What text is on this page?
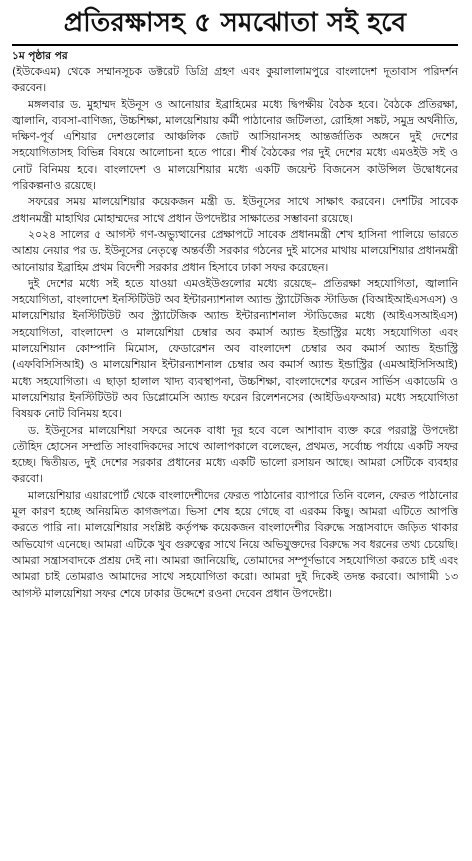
প্রতিরক্ষাসহ ৫ সমঝোতা সই হবে
১ম পৃষ্ঠার পর

(ইউকেএম) থেকে সম্মানসূচক ডক্টরেট ডিগ্রি গ্রহণ এবং কুয়ালালামপুরে বাংলাদেশ দূতাবাস পরিদর্শন করবেন।

মঙ্গলবার ড. মুহাম্মদ ইউনূস ও আনোয়ার ইব্রাহিমের মধ্যে দ্বিপক্ষীয় বৈঠক হবে। বৈঠকে প্রতিরক্ষা, জ্বালানি, ব্যবসা-বাণিজ্য, উচ্চশিক্ষা, মালয়েশিয়ায় কর্মী পাঠানোর জটিলতা, রোহিঙ্গা সঙ্কট, সমুদ্র অর্থনীতি, দক্ষিণ-পূর্ব এশিয়ার দেশগুলোর আঞ্চলিক জোট আসিয়ানসহ আন্তর্জাতিক অঙ্গনে দুই দেশের সহযোগিতাসহ বিভিন্ন বিষয়ে আলোচনা হতে পারে। শীর্ষ বৈঠকের পর দুই দেশের মধ্যে এমওইউ সই ও নোট বিনিময় হবে। বাংলাদেশ ও মালয়েশিয়ার মধ্যে একটি জয়েন্ট বিজনেস কাউন্সিল উদ্বোধনের পরিকল্পনাও রয়েছে।

সফরের সময় মালয়েশিয়ার কয়েকজন মন্ত্রী ড. ইউনূসের সাথে সাক্ষাৎ করবেন। দেশটির সাবেক প্রধানমন্ত্রী মাহাথির মোহাম্মদের সাথে প্রধান উপদেষ্টার সাক্ষাতের সম্ভাবনা রয়েছে।

২০২৪ সালের ৫ আগস্ট গণ-অভ্যুত্থানের প্রেক্ষাপটে সাবেক প্রধানমন্ত্রী শেখ হাসিনা পালিয়ে ভারতে আশ্রয় নেয়ার পর ড. ইউনূসের নেতৃত্বে অন্তর্বর্তী সরকার গঠনের দুই মাসের মাথায় মালয়েশিয়ার প্রধানমন্ত্রী আনোয়ার ইব্রাহিম প্রথম বিদেশী সরকার প্রধান হিসাবে ঢাকা সফর করেছেন।

দুই দেশের মধ্যে সই হতে যাওয়া এমওইউগুলোর মধ্যে রয়েছে– প্রতিরক্ষা সহযোগিতা, জ্বালানি সহযোগিতা, বাংলাদেশ ইনস্টিটিউট অব ইন্টারন্যাশনাল অ্যান্ড স্ট্র্যাটেজিক স্টাডিজ (বিআইআইএসএস) ও মালয়েশিয়ার ইনস্টিটিউট অব স্ট্র্যাটেজিক অ্যান্ড ইন্টারন্যাশনাল স্টাডিজের মধ্যে (আইএসআইএস) সহযোগিতা, বাংলাদেশ ও মালয়েশিয়া চেম্বার অব কমার্স অ্যান্ড ইন্ডাস্ট্রির মধ্যে সহযোগিতা এবং মালয়েশিয়ান কোম্পানি মিমোস, ফেডারেশন অব বাংলাদেশ চেম্বার অব কমার্স অ্যান্ড ইন্ডাস্ট্রি (এফবিসিসিআই) ও মালয়েশিয়ান ইন্টারন্যাশনাল চেম্বার অব কমার্স অ্যান্ড ইন্ডাস্ট্রির (এমআইসিসিআই) মধ্যে সহযোগিতা। এ ছাড়া হালাল খাদ্য ব্যবস্থাপনা, উচ্চশিক্ষা, বাংলাদেশের ফরেন সার্ভিস একাডেমি ও মালয়েশিয়ার ইনস্টিটিউট অব ডিপ্লোমেসি অ্যান্ড ফরেন রিলেশনসের (আইডিএফআর) মধ্যে সহযোগিতা বিষয়ক নোট বিনিময় হবে।

ড. ইউনূসের মালয়েশিয়া সফরে অনেক বাধা দূর হবে বলে আশাবাদ ব্যক্ত করে পররাষ্ট্র উপদেষ্টা তৌহিদ হোসেন সম্প্রতি সাংবাদিকদের সাথে আলাপকালে বলেছেন, প্রথমত, সর্বোচ্চ পর্যায়ে একটি সফর হচ্ছে। দ্বিতীয়ত, দুই দেশের সরকার প্রধানের মধ্যে একটি ভালো রসায়ন আছে। আমরা সেটিকে ব্যবহার করবো।

মালয়েশিয়ার এয়ারপোর্ট থেকে বাংলাদেশীদের ফেরত পাঠানোর ব্যাপারে তিনি বলেন, ফেরত পাঠানোর মূল কারণ হচ্ছে অনিয়মিত কাগজপত্র। ভিসা শেষ হয়ে গেছে বা এরকম কিছু। আমরা এটিতে আপত্তি করতে পারি না। মালয়েশিয়ার সংশ্লিষ্ট কর্তৃপক্ষ কয়েকজন বাংলাদেশীর বিরুদ্ধে সন্ত্রাসবাদে জড়িত থাকার অভিযোগ এনেছে। আমরা এটিকে খুব গুরুত্বের সাথে নিয়ে অভিযুক্তদের বিরুদ্ধে সব ধরনের তথ্য চেয়েছি। আমরা সন্ত্রাসবাদকে প্রশ্রয় দেই না। আমরা জানিয়েছি, তোমাদের সম্পূর্ণভাবে সহযোগিতা করতে চাই এবং আমরা চাই তোমরাও আমাদের সাথে সহযোগিতা করো। আমরা দুই দিকেই তদন্ত করবো। আগামী ১৩ আগস্ট মালয়েশিয়া সফর শেষে ঢাকার উদ্দেশে রওনা দেবেন প্রধান উপদেষ্টা।
